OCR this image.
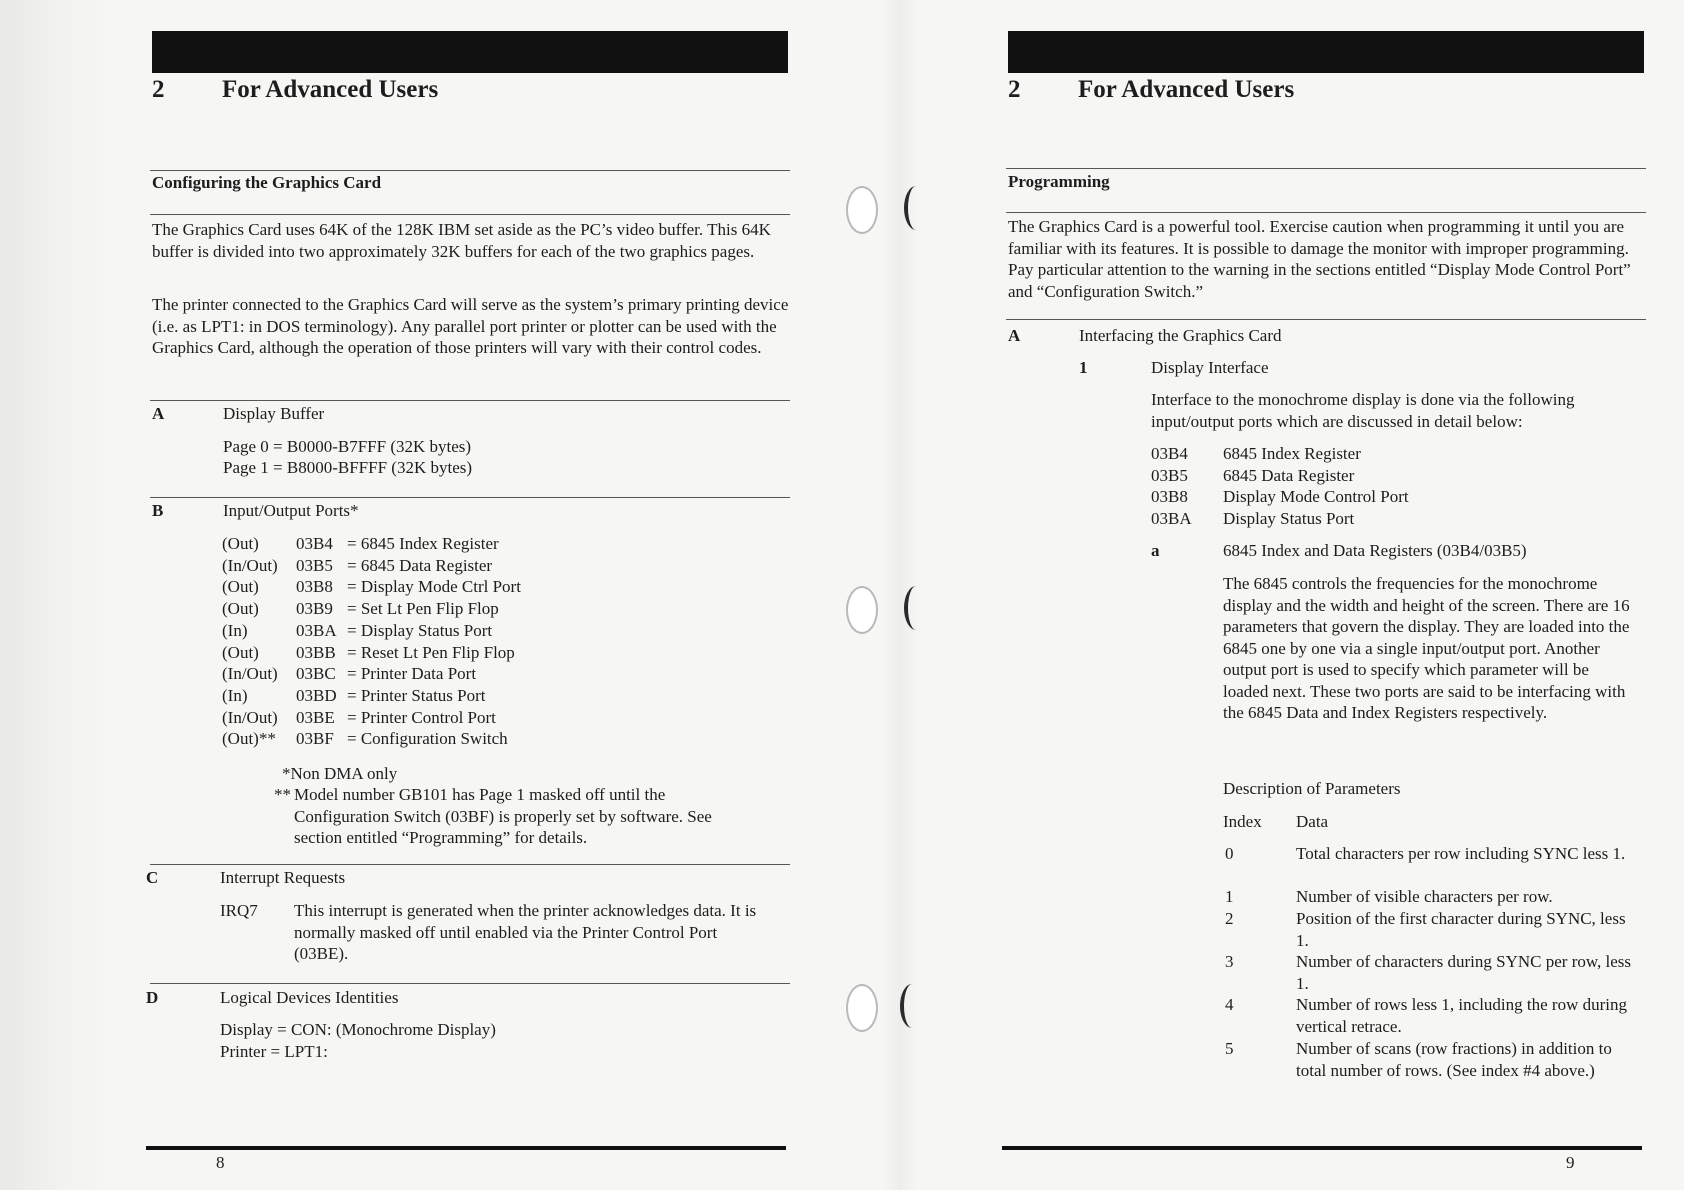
2 For Advanced Users
Configuring the Graphics Card
The Graphics Card uses 64K of the 128K IBM set aside as the PC’s video buffer. This 64K buffer is divided into two approximately 32K buffers for each of the two graphics pages.
The printer connected to the Graphics Card will serve as the system’s primary printing device (i.e. as LPT1: in DOS terminology). Any parallel port printer or plotter can be used with the Graphics Card, although the operation of those printers will vary with their control codes.
A	Display Buffer
Page 0 = B0000-B7FFF (32K bytes)
Page 1 = B8000-BFFFF (32K bytes)
B	Input/Output Ports*
(Out) 03B4 = 6845 Index Register
(In/Out) 03B5 = 6845 Data Register
(Out) 03B8 = Display Mode Ctrl Port
(Out) 03B9 = Set Lt Pen Flip Flop
(In)	03BA = Display Status Port
(Out) 03BB = Reset Lt Pen Flip Flop
(In/Out) 03BC = Printer Data Port
(In)	03BD = Printer Status Port
(In/Out) 03BE = Printer Control Port
(Out)** 03BF = Configuration Switch
*Non DMA only
** Model number GB101 has Page 1 masked off until the Configuration Switch (03BF) is properly set by software. See section entitled “Programming” for details.
C	Interrupt Requests
IRQ7 This interrupt is generated when the printer acknowledges data. It is normally masked off until enabled via the Printer Control Port (03BE).
D	Logical Devices Identities
Display = CON: (Monochrome Display)
Printer = LPT1:
8
2 For Advanced Users
Programming
The Graphics Card is a powerful tool. Exercise caution when programming it until you are familiar with its features. It is possible to damage the monitor with improper programming. Pay particular attention to the warning in the sections entitled “Display Mode Control Port” and “Configuration Switch.”
A	Interfacing the Graphics Card
1	Display Interface
Interface to the monochrome display is done via the following input/output ports which are discussed in detail below:
03B4 6845 Index Register
03B5 6845 Data Register
03B8 Display Mode Control Port
03BA Display Status Port
a	6845 Index and Data Registers (03B4/03B5)
The 6845 controls the frequencies for the monochrome display and the width and height of the screen. There are 16 parameters that govern the display. They are loaded into the 6845 one by one via a single input/output port. Another output port is used to specify which parameter will be loaded next. These two ports are said to be interfacing with the 6845 Data and Index Registers respectively.
Description of Parameters
Index Data
0	Total characters per row including SYNC less 1.
1	Number of visible characters per row.
2	Position of the first character during SYNC, less 1.
3	Number of characters during SYNC per row, less 1.
4	Number of rows less 1, including the row during vertical retrace.
5	Number of scans (row fractions) in addition to total number of rows. (See index #4 above.)
9
